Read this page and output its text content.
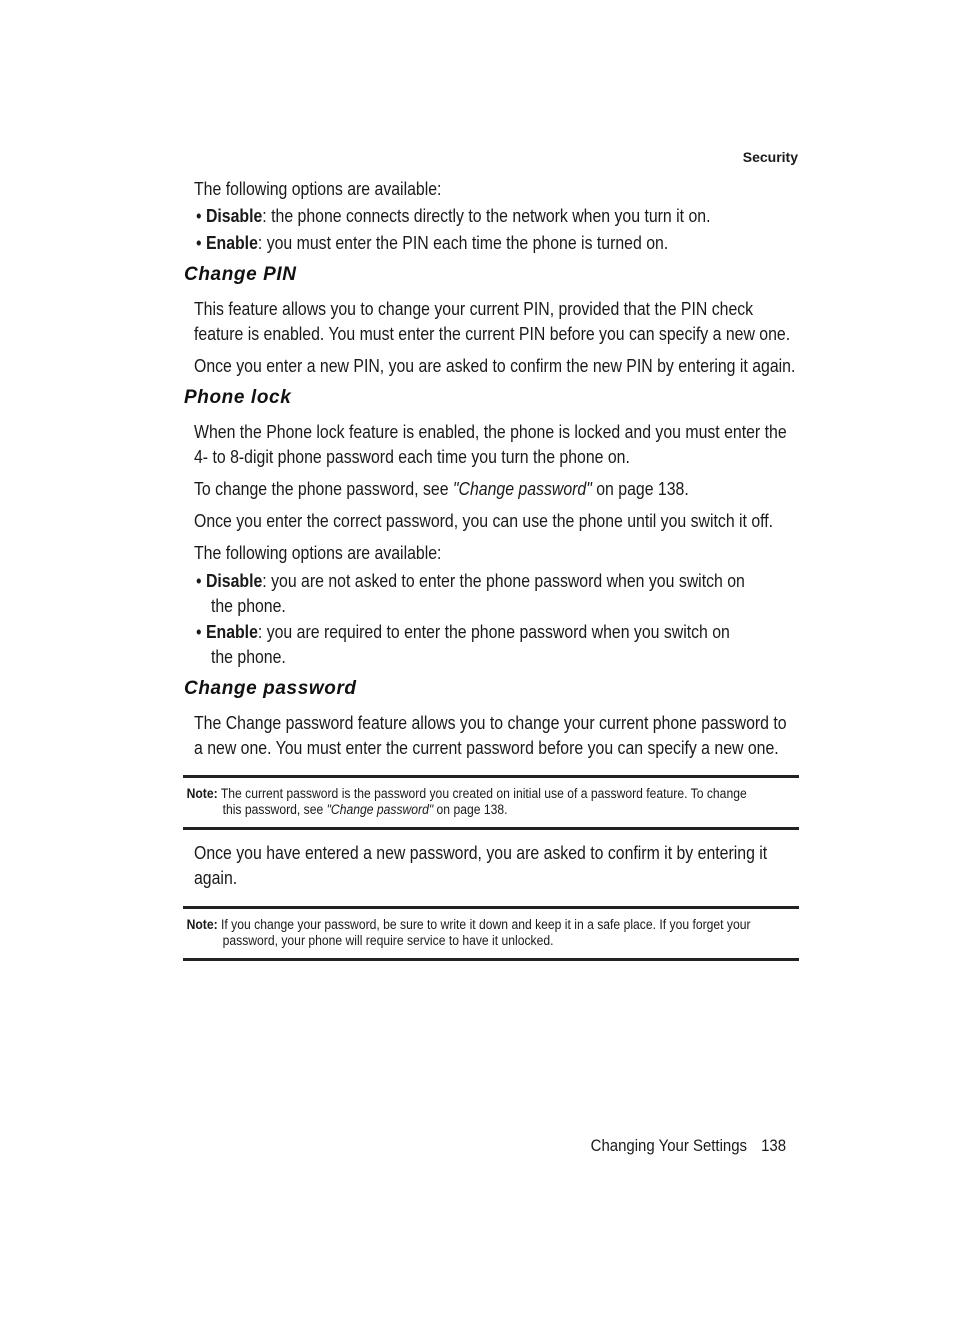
Security
The following options are available:
• Disable: the phone connects directly to the network when you turn it on.
• Enable: you must enter the PIN each time the phone is turned on.
Change PIN
This feature allows you to change your current PIN, provided that the PIN check
feature is enabled. You must enter the current PIN before you can specify a new one.
Once you enter a new PIN, you are asked to confirm the new PIN by entering it again.
Phone lock
When the Phone lock feature is enabled, the phone is locked and you must enter the
4- to 8-digit phone password each time you turn the phone on.
To change the phone password, see "Change password" on page 138.
Once you enter the correct password, you can use the phone until you switch it off.
The following options are available:
• Disable: you are not asked to enter the phone password when you switch on
the phone.
• Enable: you are required to enter the phone password when you switch on
the phone.
Change password
The Change password feature allows you to change your current phone password to
a new one. You must enter the current password before you can specify a new one.
Note: The current password is the password you created on initial use of a password feature. To change
this password, see "Change password" on page 138.
Once you have entered a new password, you are asked to confirm it by entering it
again.
Note: If you change your password, be sure to write it down and keep it in a safe place. If you forget your
password, your phone will require service to have it unlocked.
Changing Your Settings 138
